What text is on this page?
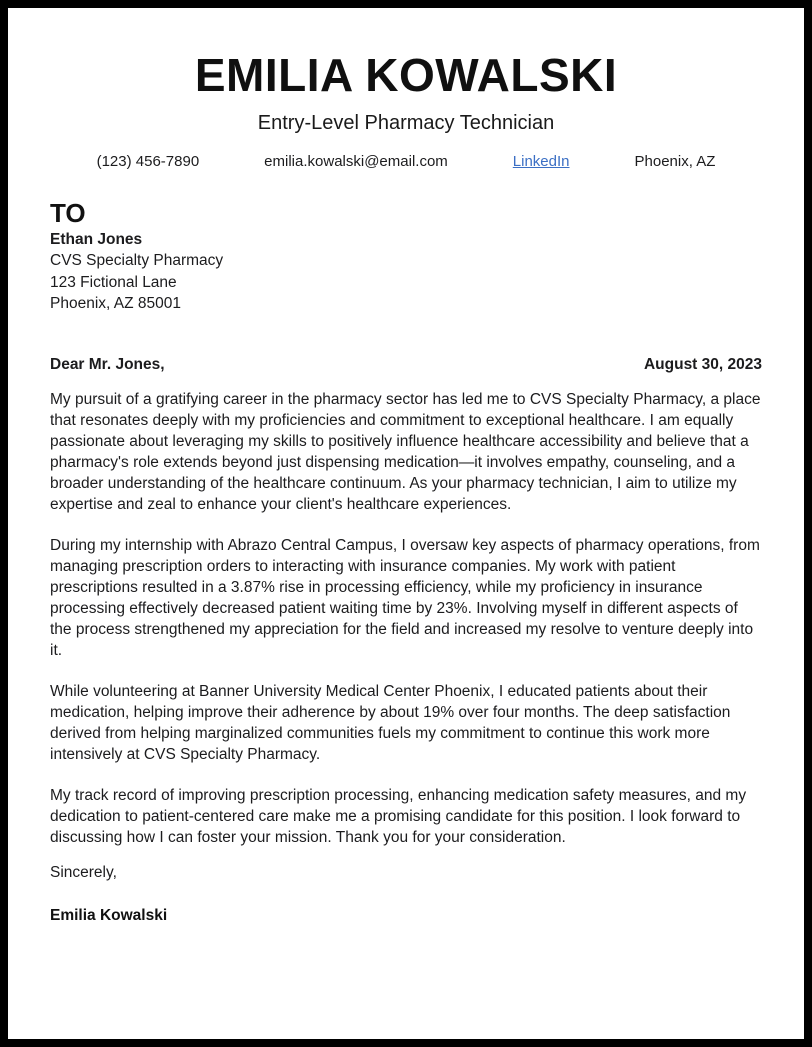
EMILIA KOWALSKI
Entry-Level Pharmacy Technician
(123) 456-7890	emilia.kowalski@email.com	LinkedIn	Phoenix, AZ
TO
Ethan Jones
CVS Specialty Pharmacy
123 Fictional Lane
Phoenix, AZ 85001
Dear Mr. Jones,	August 30, 2023

My pursuit of a gratifying career in the pharmacy sector has led me to CVS Specialty Pharmacy, a place that resonates deeply with my proficiencies and commitment to exceptional healthcare. I am equally passionate about leveraging my skills to positively influence healthcare accessibility and believe that a pharmacy's role extends beyond just dispensing medication—it involves empathy, counseling, and a broader understanding of the healthcare continuum. As your pharmacy technician, I aim to utilize my expertise and zeal to enhance your client's healthcare experiences.

During my internship with Abrazo Central Campus, I oversaw key aspects of pharmacy operations, from managing prescription orders to interacting with insurance companies. My work with patient prescriptions resulted in a 3.87% rise in processing efficiency, while my proficiency in insurance processing effectively decreased patient waiting time by 23%. Involving myself in different aspects of the process strengthened my appreciation for the field and increased my resolve to venture deeply into it.

While volunteering at Banner University Medical Center Phoenix, I educated patients about their medication, helping improve their adherence by about 19% over four months. The deep satisfaction derived from helping marginalized communities fuels my commitment to continue this work more intensively at CVS Specialty Pharmacy.

My track record of improving prescription processing, enhancing medication safety measures, and my dedication to patient-centered care make me a promising candidate for this position. I look forward to discussing how I can foster your mission. Thank you for your consideration.

Sincerely,
Emilia Kowalski
